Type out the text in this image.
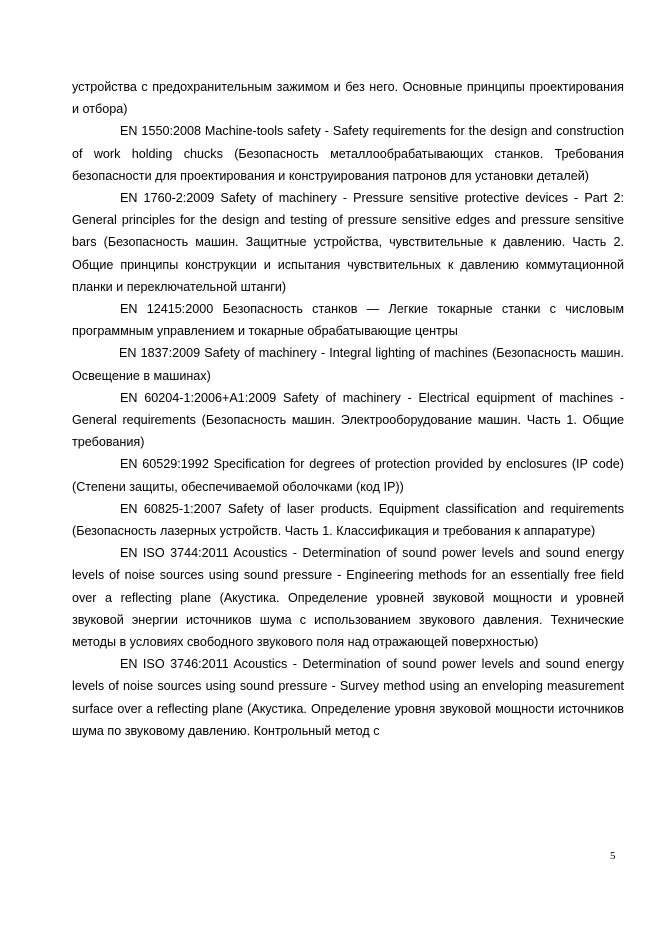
устройства с предохранительным зажимом и без него. Основные принципы проектирования и отбора)

EN 1550:2008 Machine-tools safety - Safety requirements for the design and construction of work holding chucks (Безопасность металлообрабатывающих станков. Требования безопасности для проектирования и конструирования патронов для установки деталей)

EN 1760-2:2009 Safety of machinery - Pressure sensitive protective devices - Part 2: General principles for the design and testing of pressure sensitive edges and pressure sensitive bars (Безопасность машин. Защитные устройства, чувствительные к давлению. Часть 2. Общие принципы конструкции и испытания чувствительных к давлению коммутационной планки и переключательной штанги)

EN 12415:2000 Безопасность станков — Легкие токарные станки с числовым программным управлением и токарные обрабатывающие центры

EN 1837:2009 Safety of machinery - Integral lighting of machines (Безопасность машин. Освещение в машинах)

EN 60204-1:2006+A1:2009 Safety of machinery - Electrical equipment of machines - General requirements (Безопасность машин. Электрооборудование машин. Часть 1. Общие требования)

EN 60529:1992 Specification for degrees of protection provided by enclosures (IP code) (Степени защиты, обеспечиваемой оболочками (код IP))

EN 60825-1:2007 Safety of laser products. Equipment classification and requirements (Безопасность лазерных устройств. Часть 1. Классификация и требования к аппаратуре)

EN ISO 3744:2011 Acoustics - Determination of sound power levels and sound energy levels of noise sources using sound pressure - Engineering methods for an essentially free field over a reflecting plane (Акустика. Определение уровней звуковой мощности и уровней звуковой энергии источников шума с использованием звукового давления. Технические методы в условиях свободного звукового поля над отражающей поверхностью)

EN ISO 3746:2011 Acoustics - Determination of sound power levels and sound energy levels of noise sources using sound pressure - Survey method using an enveloping measurement surface over a reflecting plane (Акустика. Определение уровня звуковой мощности источников шума по звуковому давлению. Контрольный метод с

5
